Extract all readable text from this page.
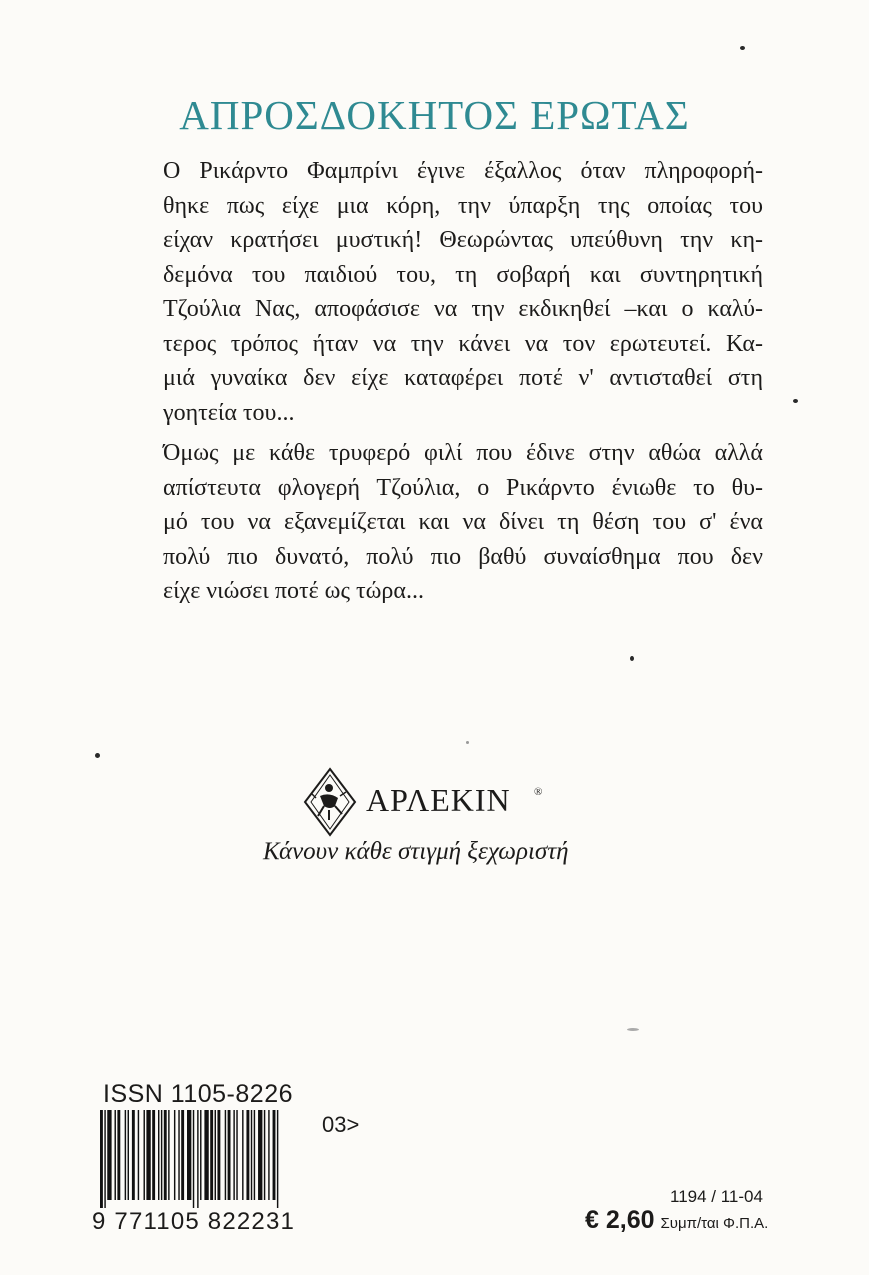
ΑΠΡΟΣΔΟΚΗΤΟΣ ΕΡΩΤΑΣ
Ο Ρικάρντο Φαμπρίνι έγινε έξαλλος όταν πληροφορή-
θηκε πως είχε μια κόρη, την ύπαρξη της οποίας του
είχαν κρατήσει μυστική! Θεωρώντας υπεύθυνη την κη-
δεμόνα του παιδιού του, τη σοβαρή και συντηρητική
Τζούλια Νας, αποφάσισε να την εκδικηθεί –και ο καλύ-
τερος τρόπος ήταν να την κάνει να τον ερωτευτεί. Κα-
μιά γυναίκα δεν είχε καταφέρει ποτέ ν' αντισταθεί στη
γοητεία του...
Όμως με κάθε τρυφερό φιλί που έδινε στην αθώα αλλά
απίστευτα φλογερή Τζούλια, ο Ρικάρντο ένιωθε το θυ-
μό του να εξανεμίζεται και να δίνει τη θέση του σ' ένα
πολύ πιο δυνατό, πολύ πιο βαθύ συναίσθημα που δεν
είχε νιώσει ποτέ ως τώρα...
ΑΡΛΕΚΙΝ ®
Κάνουν κάθε στιγμή ξεχωριστή
ISSN 1105-8226
03>
9 771105 822231
1194 / 11-04
€ 2,60 Συμπ/ται Φ.Π.Α.
